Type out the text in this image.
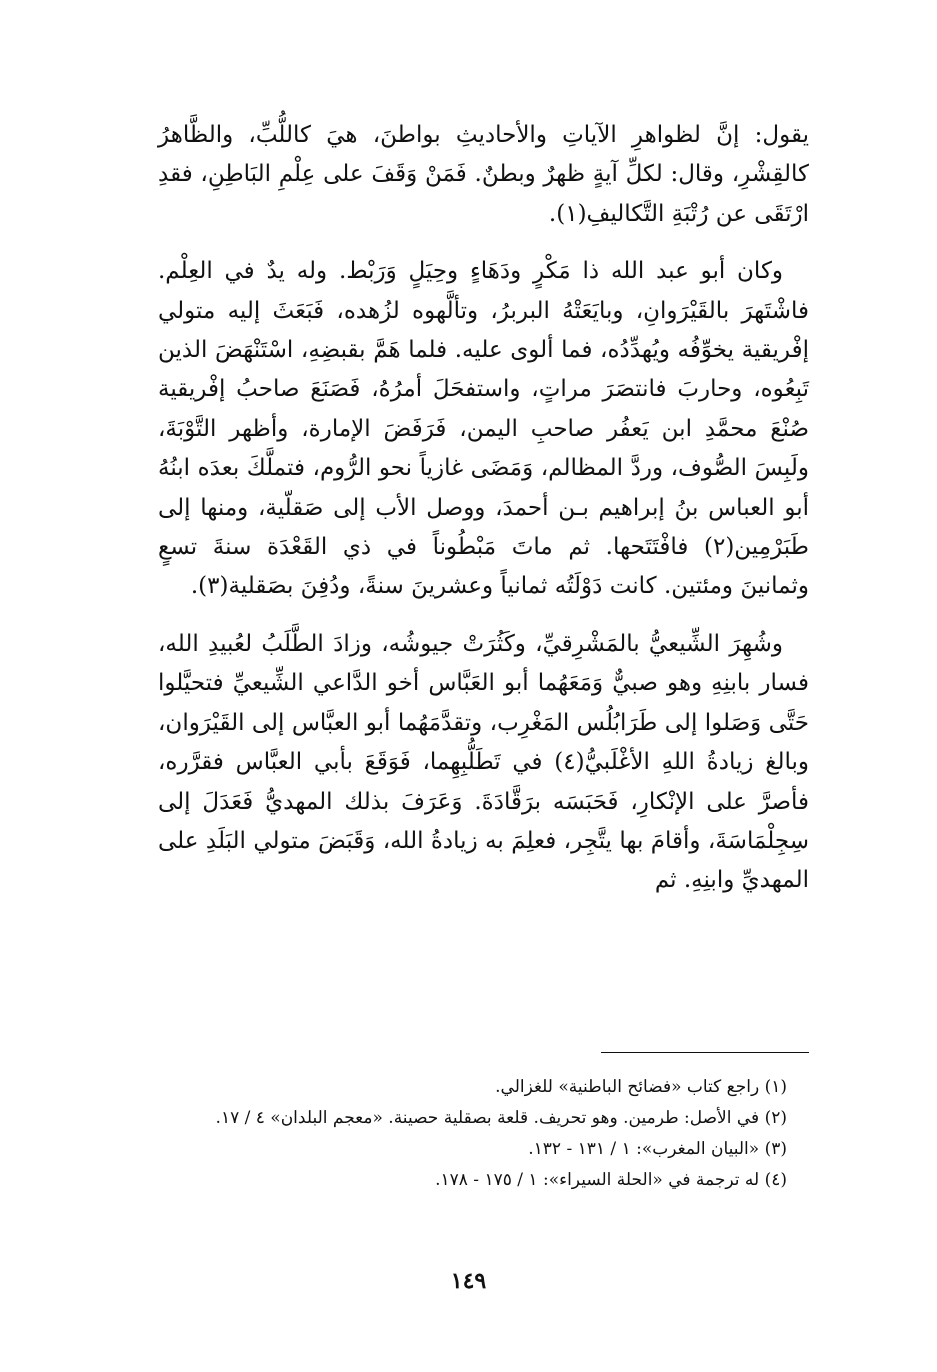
يقول: إنَّ لظواهرِ الآياتِ والأحاديثِ بواطنَ، هيَ كاللُّبِّ، والظَّاهرُ كالقِشْرِ، وقال: لكلِّ آيةٍ ظهرٌ وبطنٌ. فَمَنْ وَقَفَ على عِلْمِ البَاطِنِ، فقدِ ارْتَقَى عن رُتْبَةِ التَّكاليفِ(١).

وكان أبو عبد الله ذا مَكْرٍ ودَهَاءٍ وحِيَلٍ وَرَبْط. وله يدٌ في العِلْم. فاشْتَهرَ بالقَيْرَوانِ، وبايَعَتْهُ البربرُ، وتألَّهوه لزُهده، فَبَعَثَ إليه متولي إفْريقية يخوِّفُه ويُهدِّدُه، فما ألوى عليه. فلما هَمَّ بقبضِهِ، اسْتَنْهَضَ الذين تَبِعُوه، وحاربَ فانتصَرَ مراتٍ، واستفحَلَ أمرُهُ، فَصَنَعَ صاحبُ إفْريقية صُنْعَ محمَّدِ ابن يَعفُر صاحبِ اليمن، فَرَفَضَ الإمارة، وأظهر التَّوْبَةَ، ولَبِسَ الصُّوف، وردَّ المظالم، وَمَضَى غازياً نحو الرُّوم، فتملَّكَ بعدَه ابنُهُ أبو العباس بنُ إبراهيم بـن أحمدَ، ووصل الأب إلى صَقلّية، ومنها إلى طَبَرْمِين(٢) فافْتَتَحها. ثم ماتَ مَبْطُوناً في ذي القَعْدَة سنةَ تسعٍ وثمانينَ ومئتين. كانت دَوْلَتُه ثمانياً وعشرينَ سنةً، ودُفِنَ بصَقلية(٣).

وشُهِرَ الشِّيعيُّ بالمَشْرِقيِّ، وكَثُرَتْ جيوشُه، وزادَ الطَّلَبُ لعُبيدِ الله، فسار بابنِهِ وهو صبيٌّ وَمَعَهُما أبو العَبَّاس أخو الدَّاعي الشِّيعيِّ فتحيَّلوا حَتَّى وَصَلوا إلى طَرَابُلُس المَغْرِب، وتقدَّمَهُما أبو العبَّاس إلى القَيْرَوان، وبالغ زيادةُ اللهِ الأغْلَبيُّ(٤) في تَطَلُّبِهِما، فَوَقَعَ بأبي العبَّاس فقرَّره، فأصرَّ على الإنْكارِ، فَحَبَسَه برَقَّادَةَ. وَعَرَفَ بذلك المهديُّ فَعَدَلَ إلى سِجِلْمَاسَةَ، وأقامَ بها يتَّجِر، فعلِمَ به زيادةُ الله، وَقَبَضَ متولي البَلَدِ على المهديِّ وابنِهِ. ثم

(١) راجع كتاب «فضائح الباطنية» للغزالي.

(٢) في الأصل: طرمين. وهو تحريف. قلعة بصقلية حصينة. «معجم البلدان» ٤ / ١٧.

(٣) «البيان المغرب»: ١ / ١٣١ - ١٣٢.

(٤) له ترجمة في «الحلة السيراء»: ١ / ١٧٥ - ١٧٨.

١٤٩
